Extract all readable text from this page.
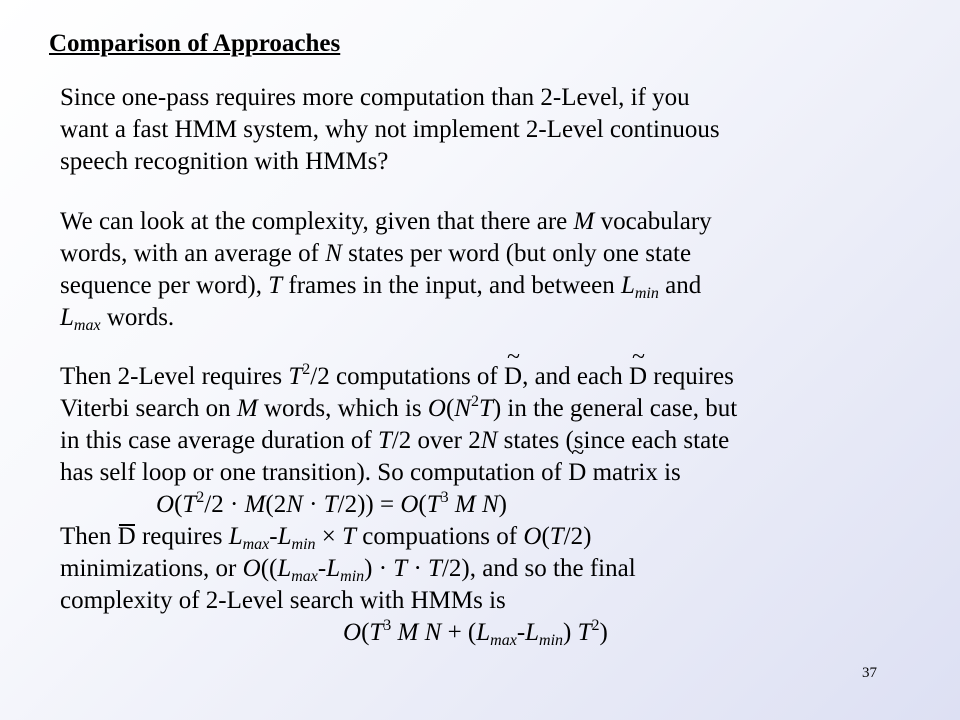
Comparison of Approaches
Since one-pass requires more computation than 2-Level, if you
want a fast HMM system, why not implement 2-Level continuous
speech recognition with HMMs?
We can look at the complexity, given that there are M vocabulary
words, with an average of N states per word (but only one state
sequence per word), T frames in the input, and between $L_{min}$ and
$L_{max}$ words.
Then 2-Level requires $T^2/2$ computations of ~ D, and each ~ D requires
Viterbi search on M words, which is $O(N^2T)$ in the general case, but
in this case average duration of T/2 over 2N states (since each state
has self loop or one transition). So computation of ~ D matrix is
$O(T^2/2 \cdot M(2N \cdot T/2)) = O(T^3$ M N)
Then D requires $L_{max}-L_{min} \times T$ compuations of O(T/2)
minimizations, or $O((L_{max}-L_{min}) \cdot T \cdot T/2)$, and so the final
complexity of 2-Level search with HMMs is
$O(T^3$ M $N + (L_{max}-L_{min})$ $T^2$)
37
